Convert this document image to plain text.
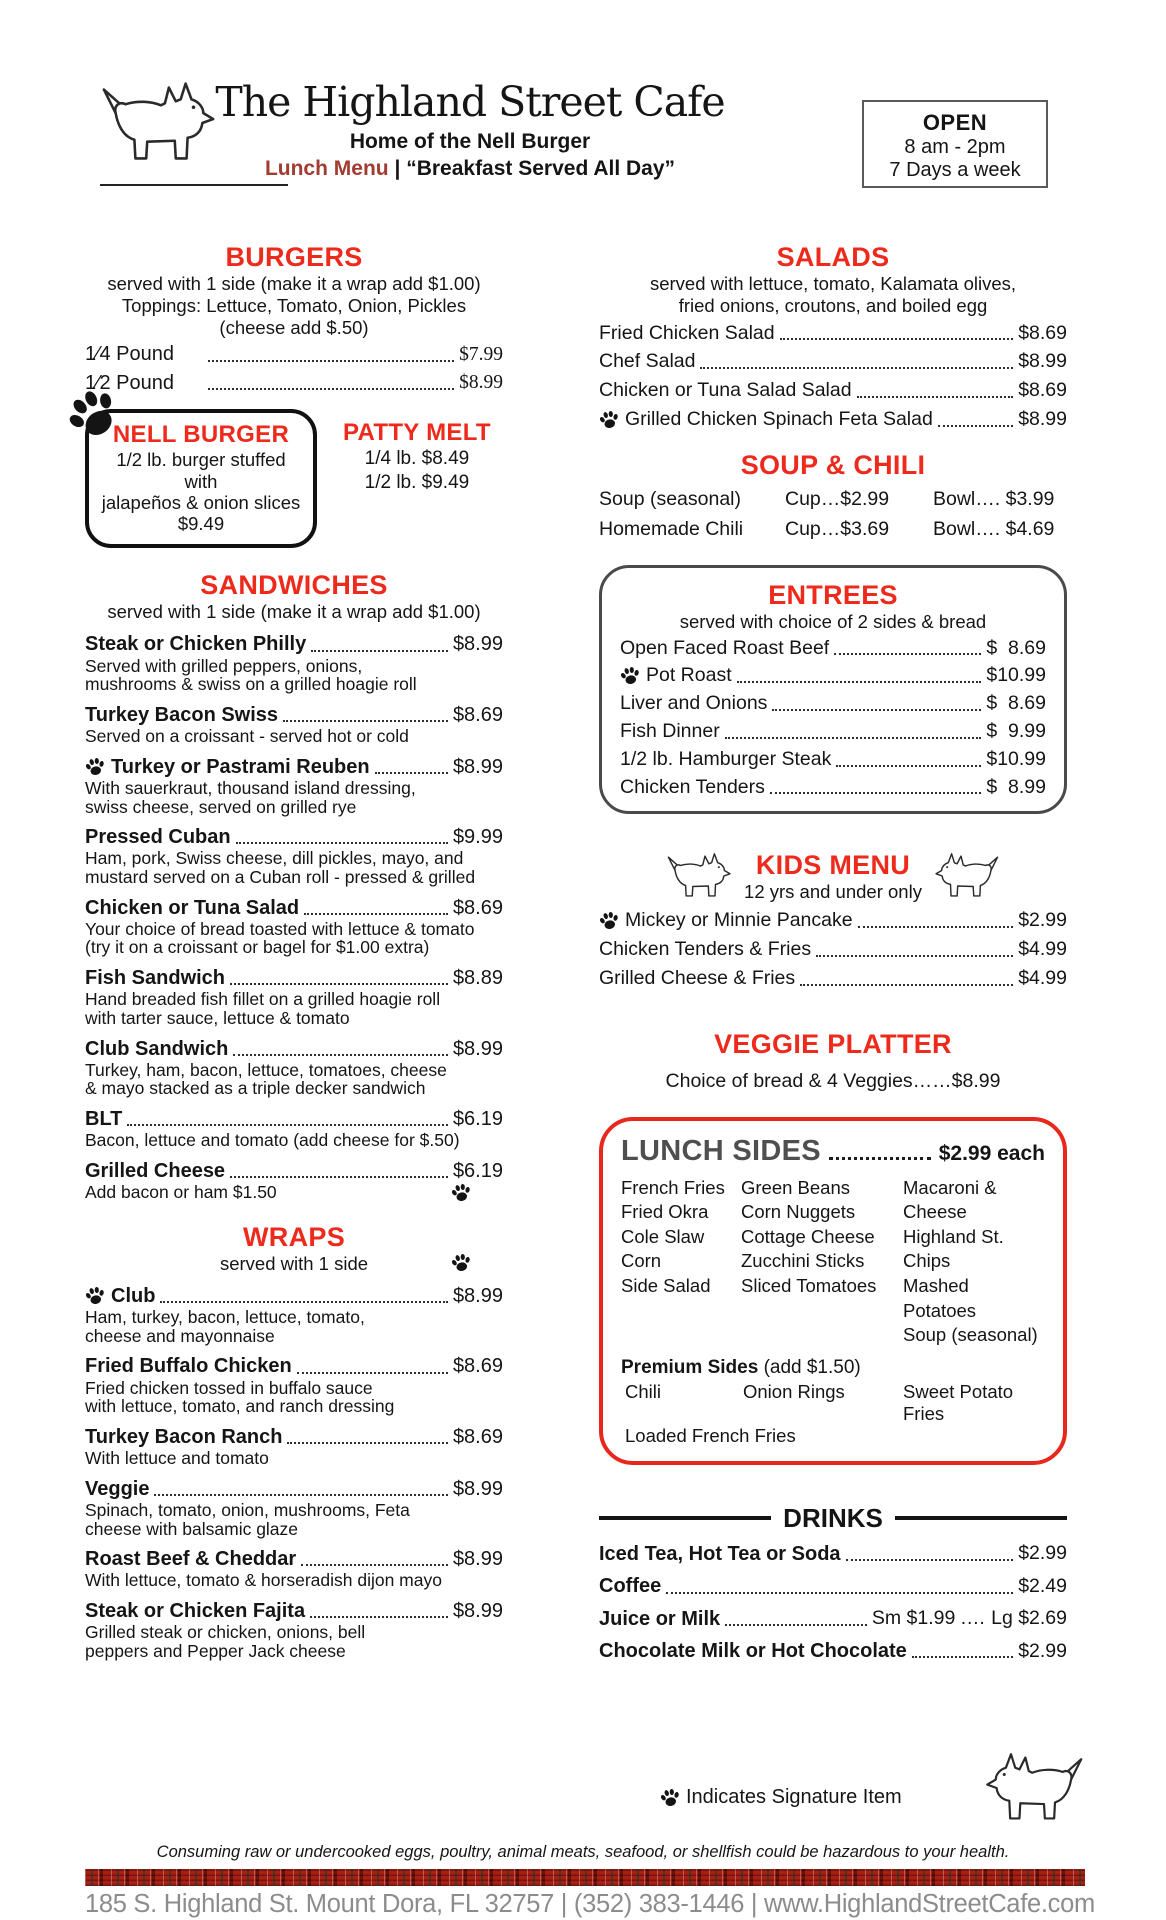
The Highland Street Cafe
Home of the Nell Burger
Lunch Menu | “Breakfast Served All Day”
OPEN
8 am - 2pm
7 Days a week
BURGERS
served with 1 side (make it a wrap add $1.00)
Toppings: Lettuce, Tomato, Onion, Pickles
(cheese add $.50)
1⁄4 Pound	$7.99
1⁄2 Pound	$8.99
NELL BURGER
1/2 lb. burger stuffed with
jalapeños & onion slices
$9.49
PATTY MELT
1/4 lb. $8.49
1/2 lb. $9.49
SANDWICHES
served with 1 side (make it a wrap add $1.00)
Steak or Chicken Philly	$8.99
Served with grilled peppers, onions,
mushrooms & swiss on a grilled hoagie roll
Turkey Bacon Swiss	$8.69
Served on a croissant - served hot or cold
Turkey or Pastrami Reuben	$8.99
With sauerkraut, thousand island dressing,
swiss cheese, served on grilled rye
Pressed Cuban	$9.99
Ham, pork, Swiss cheese, dill pickles, mayo, and
mustard served on a Cuban roll - pressed & grilled
Chicken or Tuna Salad	$8.69
Your choice of bread toasted with lettuce & tomato
(try it on a croissant or bagel for $1.00 extra)
Fish Sandwich	$8.89
Hand breaded fish fillet on a grilled hoagie roll
with tarter sauce, lettuce & tomato
Club Sandwich	$8.99
Turkey, ham, bacon, lettuce, tomatoes, cheese
& mayo stacked as a triple decker sandwich
BLT	$6.19
Bacon, lettuce and tomato (add cheese for $.50)
Grilled Cheese	$6.19
Add bacon or ham $1.50
WRAPS
served with 1 side
Club	$8.99
Ham, turkey, bacon, lettuce, tomato,
cheese and mayonnaise
Fried Buffalo Chicken	$8.69
Fried chicken tossed in buffalo sauce
with lettuce, tomato, and ranch dressing
Turkey Bacon Ranch	$8.69
With lettuce and tomato
Veggie	$8.99
Spinach, tomato, onion, mushrooms, Feta
cheese with balsamic glaze
Roast Beef & Cheddar	$8.99
With lettuce, tomato & horseradish dijon mayo
Steak or Chicken Fajita	$8.99
Grilled steak or chicken, onions, bell
peppers and Pepper Jack cheese
SALADS
served with lettuce, tomato, Kalamata olives,
fried onions, croutons, and boiled egg
Fried Chicken Salad	$8.69
Chef Salad	$8.99
Chicken or Tuna Salad Salad	$8.69
Grilled Chicken Spinach Feta Salad	$8.99
SOUP & CHILI
Soup (seasonal)	Cup…$2.99	Bowl…. $3.99
Homemade Chili	Cup…$3.69	Bowl…. $4.69
ENTREES
served with choice of 2 sides & bread
Open Faced Roast Beef	$  8.69
Pot Roast	$10.99
Liver and Onions	$  8.69
Fish Dinner	$  9.99
1/2 lb. Hamburger Steak	$10.99
Chicken Tenders	$  8.99
KIDS MENU
12 yrs and under only
Mickey or Minnie Pancake	$2.99
Chicken Tenders & Fries	$4.99
Grilled Cheese & Fries	$4.99
VEGGIE PLATTER
Choice of bread & 4 Veggies……$8.99
LUNCH SIDES	$2.99 each
French Fries
Fried Okra
Cole Slaw
Corn
Side Salad
Green Beans
Corn Nuggets
Cottage Cheese
Zucchini Sticks
Sliced Tomatoes
Macaroni & Cheese
Highland St. Chips
Mashed Potatoes
Soup (seasonal)
Premium Sides (add $1.50)
Chili	Onion Rings	Sweet Potato Fries
Loaded French Fries
DRINKS
Iced Tea, Hot Tea or Soda	$2.99
Coffee	$2.49
Juice or Milk	Sm $1.99 .… Lg $2.69
Chocolate Milk or Hot Chocolate	$2.99
Indicates Signature Item
Consuming raw or undercooked eggs, poultry, animal meats, seafood, or shellfish could be hazardous to your health.
185 S. Highland St. Mount Dora, FL 32757 | (352) 383-1446 | www.HighlandStreetCafe.com
